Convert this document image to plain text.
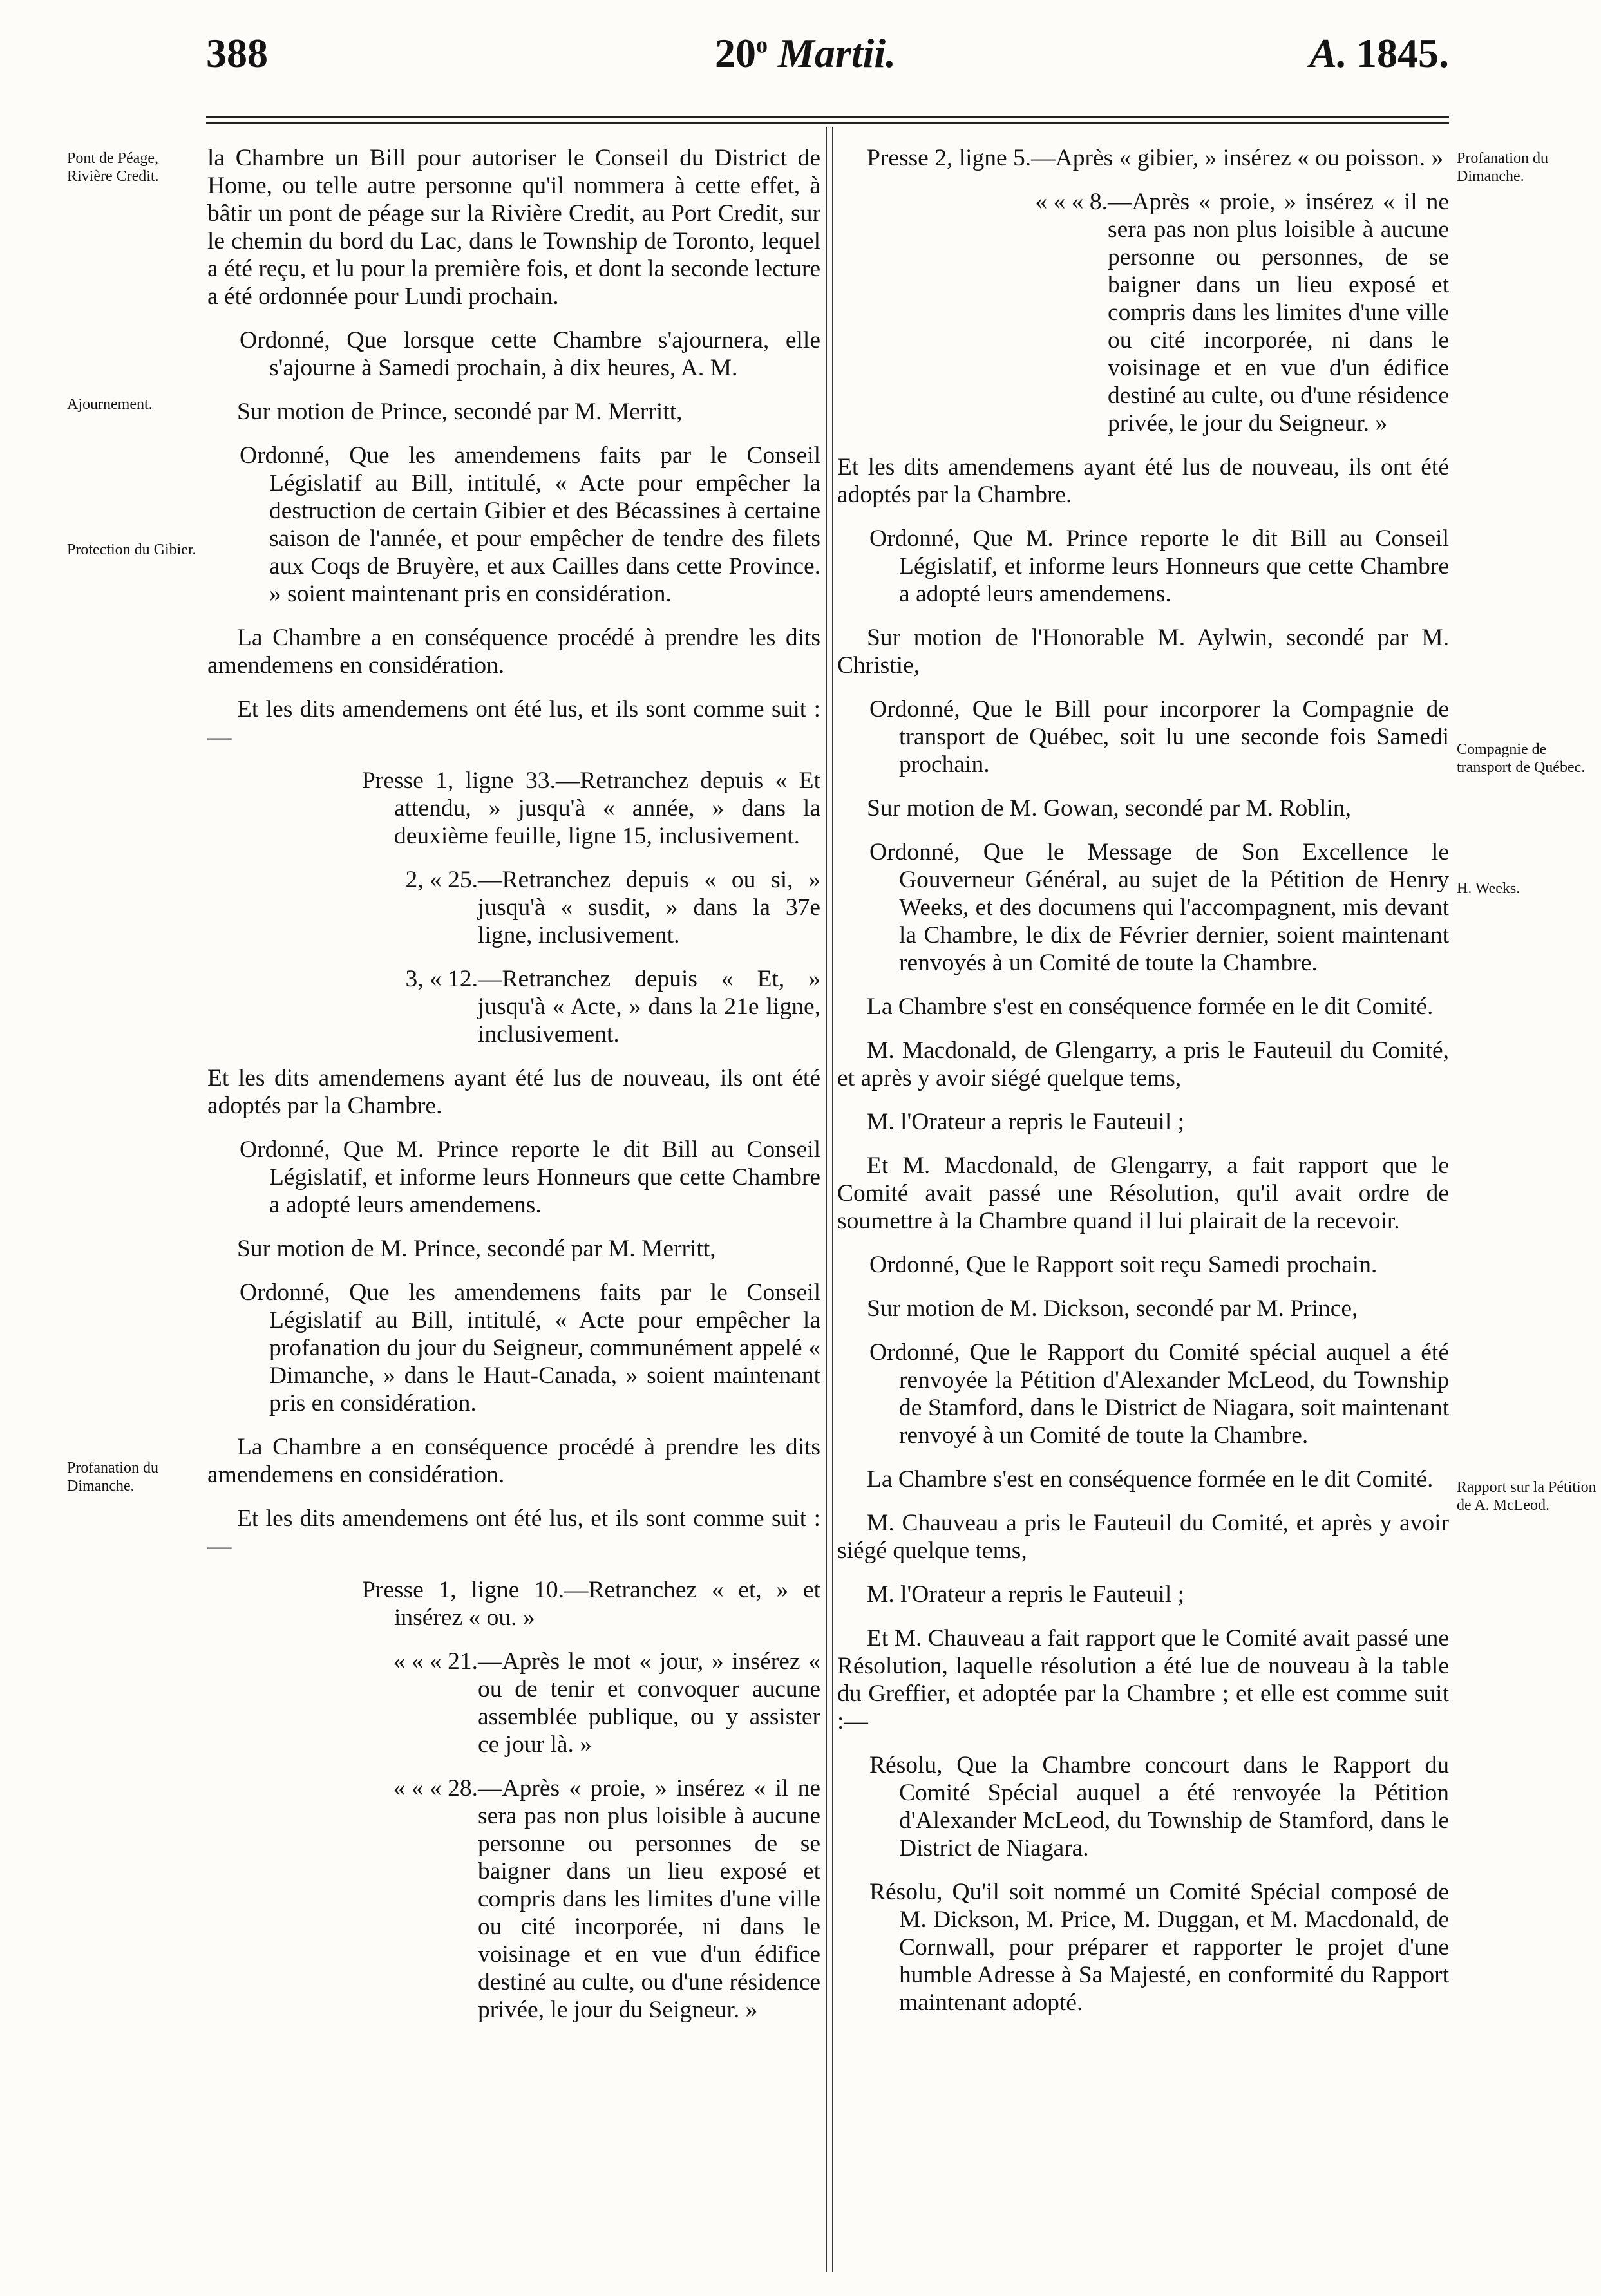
388	20$^o$ Martii.	A. 1845.
Pont de Péage, Rivière Credit.
Ajournement.
Protection du Gibier.
Profanation du Dimanche.
Profanation du Dimanche.
Compagnie de transport de Québec.
H. Weeks.
Rapport sur la Pétition de A. McLeod.

la Chambre un Bill pour autoriser le Conseil du District de Home, ou telle autre personne qu'il nommera à cette effet, à bâtir un pont de péage sur la Rivière Credit, au Port Credit, sur le chemin du bord du Lac, dans le Township de Toronto, lequel a été reçu, et lu pour la première fois, et dont la seconde lecture a été ordonnée pour Lundi prochain.

Ordonné, Que lorsque cette Chambre s'ajournera, elle s'ajourne à Samedi prochain, à dix heures, A. M.

Sur motion de Prince, secondé par M. Merritt,

Ordonné, Que les amendemens faits par le Conseil Législatif au Bill, intitulé, « Acte pour empêcher la destruction de certain Gibier et des Bécassines à certaine saison de l'année, et pour empêcher de tendre des filets aux Coqs de Bruyère, et aux Cailles dans cette Province. » soient maintenant pris en considération.

La Chambre a en conséquence procédé à prendre les dits amendemens en considération.

Et les dits amendemens ont été lus, et ils sont comme suit :—

Presse 1, ligne 33.—Retranchez depuis « Et attendu, » jusqu'à « année, » dans la deuxième feuille, ligne 15, inclusivement.

2, « 25.—Retranchez depuis « ou si, » jusqu'à « susdit, » dans la 37e ligne, inclusivement.

3, « 12.—Retranchez depuis « Et, » jusqu'à « Acte, » dans la 21e ligne, inclusivement.

Et les dits amendemens ayant été lus de nouveau, ils ont été adoptés par la Chambre.

Ordonné, Que M. Prince reporte le dit Bill au Conseil Législatif, et informe leurs Honneurs que cette Chambre a adopté leurs amendemens.

Sur motion de M. Prince, secondé par M. Merritt,

Ordonné, Que les amendemens faits par le Conseil Législatif au Bill, intitulé, « Acte pour empêcher la profanation du jour du Seigneur, communément appelé « Dimanche, » dans le Haut-Canada, » soient maintenant pris en considération.

La Chambre a en conséquence procédé à prendre les dits amendemens en considération.

Et les dits amendemens ont été lus, et ils sont comme suit :—

Presse 1, ligne 10.—Retranchez « et, » et insérez « ou. »

« « « 21.—Après le mot « jour, » insérez « ou de tenir et convoquer aucune assemblée publique, ou y assister ce jour là. »

« « « 28.—Après « proie, » insérez « il ne sera pas non plus loisible à aucune personne ou personnes de se baigner dans un lieu exposé et compris dans les limites d'une ville ou cité incorporée, ni dans le voisinage et en vue d'un édifice destiné au culte, ou d'une résidence privée, le jour du Seigneur. »

Presse 2, ligne 5.—Après « gibier, » insérez « ou poisson. »

« « « 8.—Après « proie, » insérez « il ne sera pas non plus loisible à aucune personne ou personnes, de se baigner dans un lieu exposé et compris dans les limites d'une ville ou cité incorporée, ni dans le voisinage et en vue d'un édifice destiné au culte, ou d'une résidence privée, le jour du Seigneur. »

Et les dits amendemens ayant été lus de nouveau, ils ont été adoptés par la Chambre.

Ordonné, Que M. Prince reporte le dit Bill au Conseil Législatif, et informe leurs Honneurs que cette Chambre a adopté leurs amendemens.

Sur motion de l'Honorable M. Aylwin, secondé par M. Christie,

Ordonné, Que le Bill pour incorporer la Compagnie de transport de Québec, soit lu une seconde fois Samedi prochain.

Sur motion de M. Gowan, secondé par M. Roblin,

Ordonné, Que le Message de Son Excellence le Gouverneur Général, au sujet de la Pétition de Henry Weeks, et des documens qui l'accompagnent, mis devant la Chambre, le dix de Février dernier, soient maintenant renvoyés à un Comité de toute la Chambre.

La Chambre s'est en conséquence formée en le dit Comité.

M. Macdonald, de Glengarry, a pris le Fauteuil du Comité, et après y avoir siégé quelque tems,

M. l'Orateur a repris le Fauteuil ;

Et M. Macdonald, de Glengarry, a fait rapport que le Comité avait passé une Résolution, qu'il avait ordre de soumettre à la Chambre quand il lui plairait de la recevoir.

Ordonné, Que le Rapport soit reçu Samedi prochain.

Sur motion de M. Dickson, secondé par M. Prince,

Ordonné, Que le Rapport du Comité spécial auquel a été renvoyée la Pétition d'Alexander McLeod, du Township de Stamford, dans le District de Niagara, soit maintenant renvoyé à un Comité de toute la Chambre.

La Chambre s'est en conséquence formée en le dit Comité.

M. Chauveau a pris le Fauteuil du Comité, et après y avoir siégé quelque tems,

M. l'Orateur a repris le Fauteuil ;

Et M. Chauveau a fait rapport que le Comité avait passé une Résolution, laquelle résolution a été lue de nouveau à la table du Greffier, et adoptée par la Chambre ; et elle est comme suit :—

Résolu, Que la Chambre concourt dans le Rapport du Comité Spécial auquel a été renvoyée la Pétition d'Alexander McLeod, du Township de Stamford, dans le District de Niagara.

Résolu, Qu'il soit nommé un Comité Spécial composé de M. Dickson, M. Price, M. Duggan, et M. Macdonald, de Cornwall, pour préparer et rapporter le projet d'une humble Adresse à Sa Majesté, en conformité du Rapport maintenant adopté.
